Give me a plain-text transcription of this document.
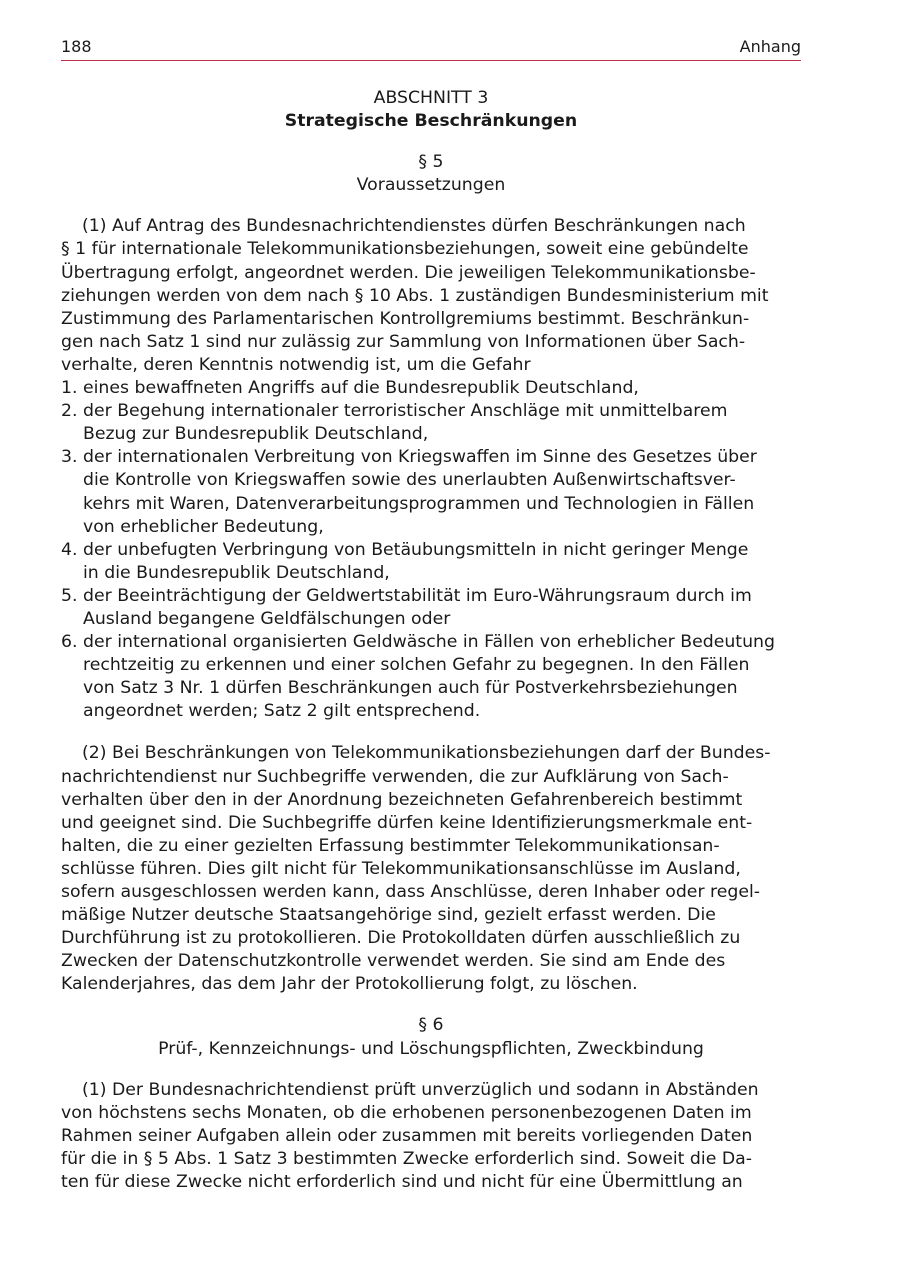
188	Anhang
ABSCHNITT 3
Strategische Beschränkungen
§ 5
Voraussetzungen
(1) Auf Antrag des Bundesnachrichtendienstes dürfen Beschränkungen nach
§ 1 für internationale Telekommunikationsbeziehungen, soweit eine gebündelte
Übertragung erfolgt, angeordnet werden. Die jeweiligen Telekommunikationsbe-
ziehungen werden von dem nach § 10 Abs. 1 zuständigen Bundesministerium mit
Zustimmung des Parlamentarischen Kontrollgremiums bestimmt. Beschränkun-
gen nach Satz 1 sind nur zulässig zur Sammlung von Informationen über Sach-
verhalte, deren Kenntnis notwendig ist, um die Gefahr
1. eines bewaffneten Angriffs auf die Bundesrepublik Deutschland,
2. der Begehung internationaler terroristischer Anschläge mit unmittelbarem
Bezug zur Bundesrepublik Deutschland,
3. der internationalen Verbreitung von Kriegswaffen im Sinne des Gesetzes über
die Kontrolle von Kriegswaffen sowie des unerlaubten Außenwirtschaftsver-
kehrs mit Waren, Datenverarbeitungsprogrammen und Technologien in Fällen
von erheblicher Bedeutung,
4. der unbefugten Verbringung von Betäubungsmitteln in nicht geringer Menge
in die Bundesrepublik Deutschland,
5. der Beeinträchtigung der Geldwertstabilität im Euro-Währungsraum durch im
Ausland begangene Geldfälschungen oder
6. der international organisierten Geldwäsche in Fällen von erheblicher Bedeutung
rechtzeitig zu erkennen und einer solchen Gefahr zu begegnen. In den Fällen
von Satz 3 Nr. 1 dürfen Beschränkungen auch für Postverkehrsbeziehungen
angeordnet werden; Satz 2 gilt entsprechend.
(2) Bei Beschränkungen von Telekommunikationsbeziehungen darf der Bundes-
nachrichtendienst nur Suchbegriffe verwenden, die zur Aufklärung von Sach-
verhalten über den in der Anordnung bezeichneten Gefahrenbereich bestimmt
und geeignet sind. Die Suchbegriffe dürfen keine Identifizierungsmerkmale ent-
halten, die zu einer gezielten Erfassung bestimmter Telekommunikationsan-
schlüsse führen. Dies gilt nicht für Telekommunikationsanschlüsse im Ausland,
sofern ausgeschlossen werden kann, dass Anschlüsse, deren Inhaber oder regel-
mäßige Nutzer deutsche Staatsangehörige sind, gezielt erfasst werden. Die
Durchführung ist zu protokollieren. Die Protokolldaten dürfen ausschließlich zu
Zwecken der Datenschutzkontrolle verwendet werden. Sie sind am Ende des
Kalenderjahres, das dem Jahr der Protokollierung folgt, zu löschen.
§ 6
Prüf-, Kennzeichnungs- und Löschungspflichten, Zweckbindung
(1) Der Bundesnachrichtendienst prüft unverzüglich und sodann in Abständen
von höchstens sechs Monaten, ob die erhobenen personenbezogenen Daten im
Rahmen seiner Aufgaben allein oder zusammen mit bereits vorliegenden Daten
für die in § 5 Abs. 1 Satz 3 bestimmten Zwecke erforderlich sind. Soweit die Da-
ten für diese Zwecke nicht erforderlich sind und nicht für eine Übermittlung an
